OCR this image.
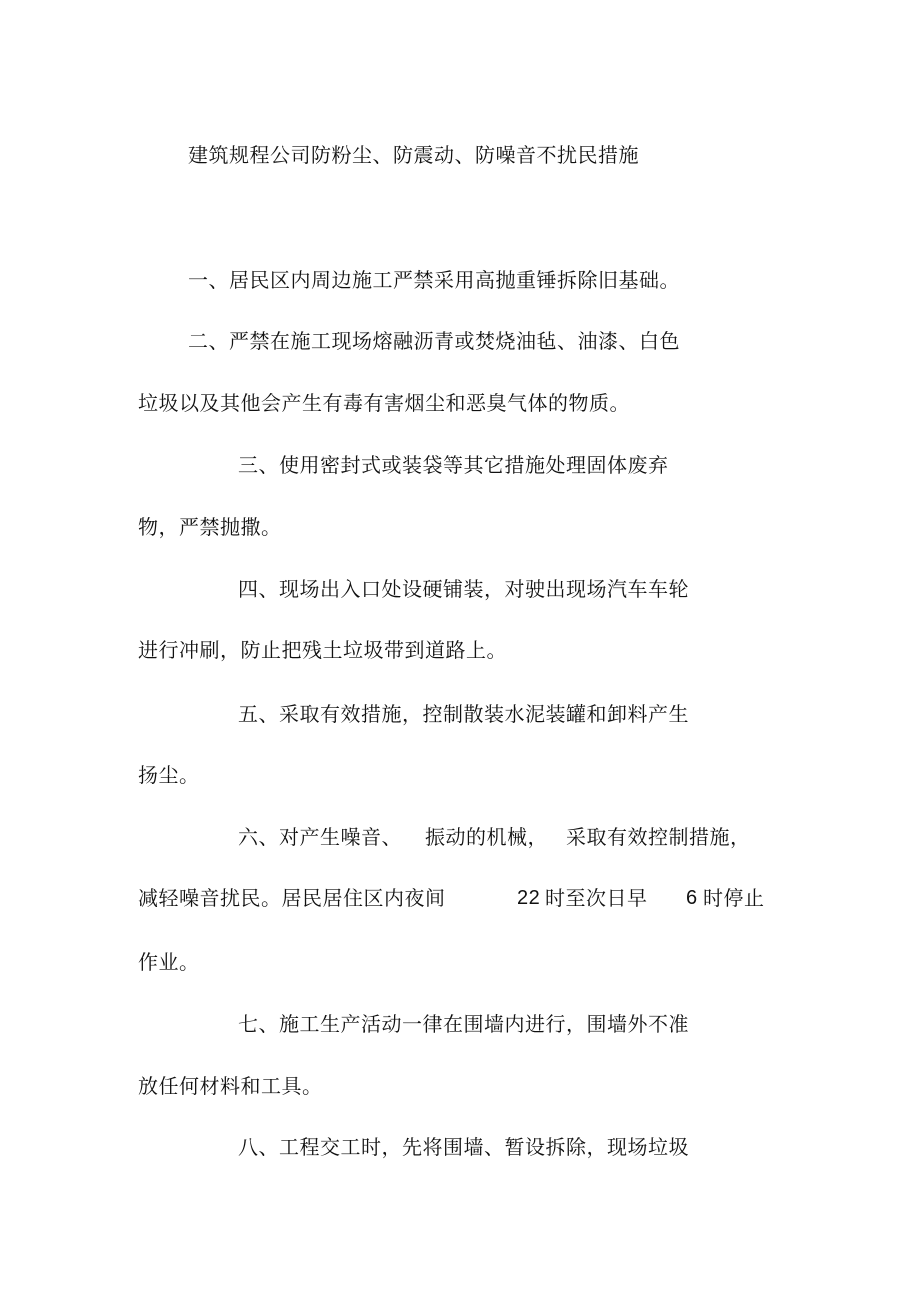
建筑规程公司防粉尘、防震动、防噪音不扰民措施
一、居民区内周边施工严禁采用高抛重锤拆除旧基础。
二、严禁在施工现场熔融沥青或焚烧油毡、油漆、白色
垃圾以及其他会产生有毒有害烟尘和恶臭气体的物质。
三、使用密封式或装袋等其它措施处理固体废弃
物，严禁抛撒。
四、现场出入口处设硬铺装，对驶出现场汽车车轮
进行冲刷，防止把残土垃圾带到道路上。
五、采取有效措施，控制散装水泥装罐和卸料产生
扬尘。
六、对产生噪音、 振动的机械， 采取有效控制措施，
减轻噪音扰民。居民居住区内夜间	22 时至次日早 6 时停止
作业。
七、施工生产活动一律在围墙内进行，围墙外不准
放任何材料和工具。
八、工程交工时，先将围墙、暂设拆除，现场垃圾
